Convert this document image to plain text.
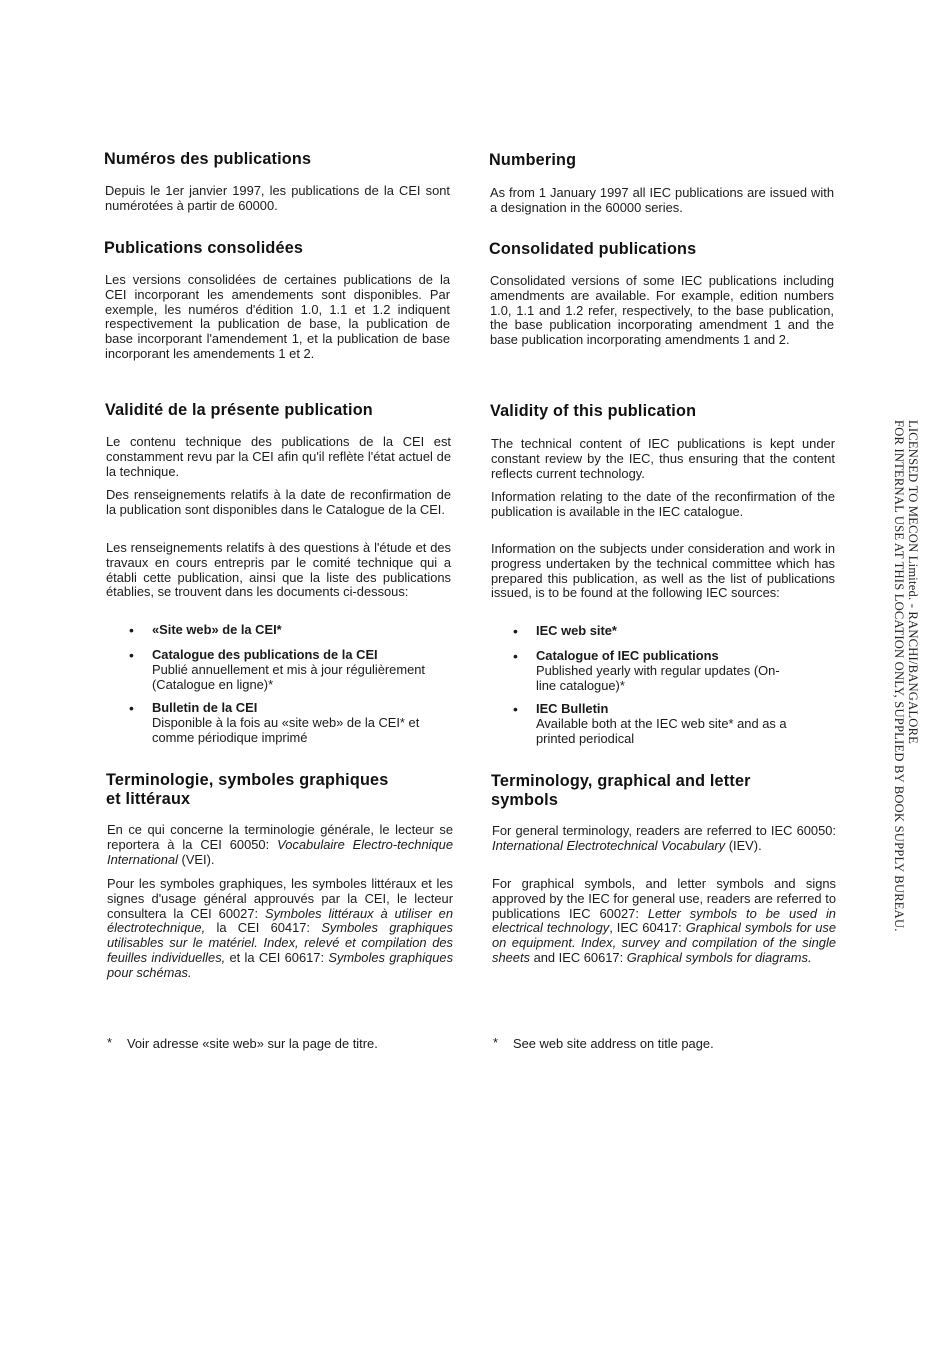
Numéros des publications

Depuis le 1er janvier 1997, les publications de la CEI sont numérotées à partir de 60000.

Publications consolidées

Les versions consolidées de certaines publications de la CEI incorporant les amendements sont disponibles. Par exemple, les numéros d'édition 1.0, 1.1 et 1.2 indiquent respectivement la publication de base, la publication de base incorporant l'amendement 1, et la publication de base incorporant les amendements 1 et 2.

Validité de la présente publication

Le contenu technique des publications de la CEI est constamment revu par la CEI afin qu'il reflète l'état actuel de la technique.

Des renseignements relatifs à la date de reconfirmation de la publication sont disponibles dans le Catalogue de la CEI.

Les renseignements relatifs à des questions à l'étude et des travaux en cours entrepris par le comité technique qui a établi cette publication, ainsi que la liste des publications établies, se trouvent dans les documents ci-dessous:

• «Site web» de la CEI*
• Catalogue des publications de la CEI
Publié annuellement et mis à jour régulièrement (Catalogue en ligne)*
• Bulletin de la CEI
Disponible à la fois au «site web» de la CEI* et comme périodique imprimé
Terminologie, symboles graphiques
et littéraux

En ce qui concerne la terminologie générale, le lecteur se reportera à la CEI 60050: Vocabulaire Electro-technique International (VEI).

Pour les symboles graphiques, les symboles littéraux et les signes d'usage général approuvés par la CEI, le lecteur consultera la CEI 60027: Symboles littéraux à utiliser en électrotechnique, la CEI 60417: Symboles graphiques utilisables sur le matériel. Index, relevé et compilation des feuilles individuelles, et la CEI 60617: Symboles graphiques pour schémas.

* Voir adresse «site web» sur la page de titre.
Numbering

As from 1 January 1997 all IEC publications are issued with a designation in the 60000 series.

Consolidated publications

Consolidated versions of some IEC publications including amendments are available. For example, edition numbers 1.0, 1.1 and 1.2 refer, respectively, to the base publication, the base publication incorporating amendment 1 and the base publication incorporating amendments 1 and 2.

Validity of this publication

The technical content of IEC publications is kept under constant review by the IEC, thus ensuring that the content reflects current technology.

Information relating to the date of the reconfirmation of the publication is available in the IEC catalogue.

Information on the subjects under consideration and work in progress undertaken by the technical committee which has prepared this publication, as well as the list of publications issued, is to be found at the following IEC sources:

• IEC web site*
• Catalogue of IEC publications
Published yearly with regular updates (On-line catalogue)*
• IEC Bulletin
Available both at the IEC web site* and as a printed periodical
Terminology, graphical and letter
symbols

For general terminology, readers are referred to IEC 60050: International Electrotechnical Vocabulary (IEV).

For graphical symbols, and letter symbols and signs approved by the IEC for general use, readers are referred to publications IEC 60027: Letter symbols to be used in electrical technology, IEC 60417: Graphical symbols for use on equipment. Index, survey and compilation of the single sheets and IEC 60617: Graphical symbols for diagrams.

* See web site address on title page.
LICENSED TO MECON Limited. - RANCHI/BANGALORE
FOR INTERNAL USE AT THIS LOCATION ONLY, SUPPLIED BY BOOK SUPPLY BUREAU.
